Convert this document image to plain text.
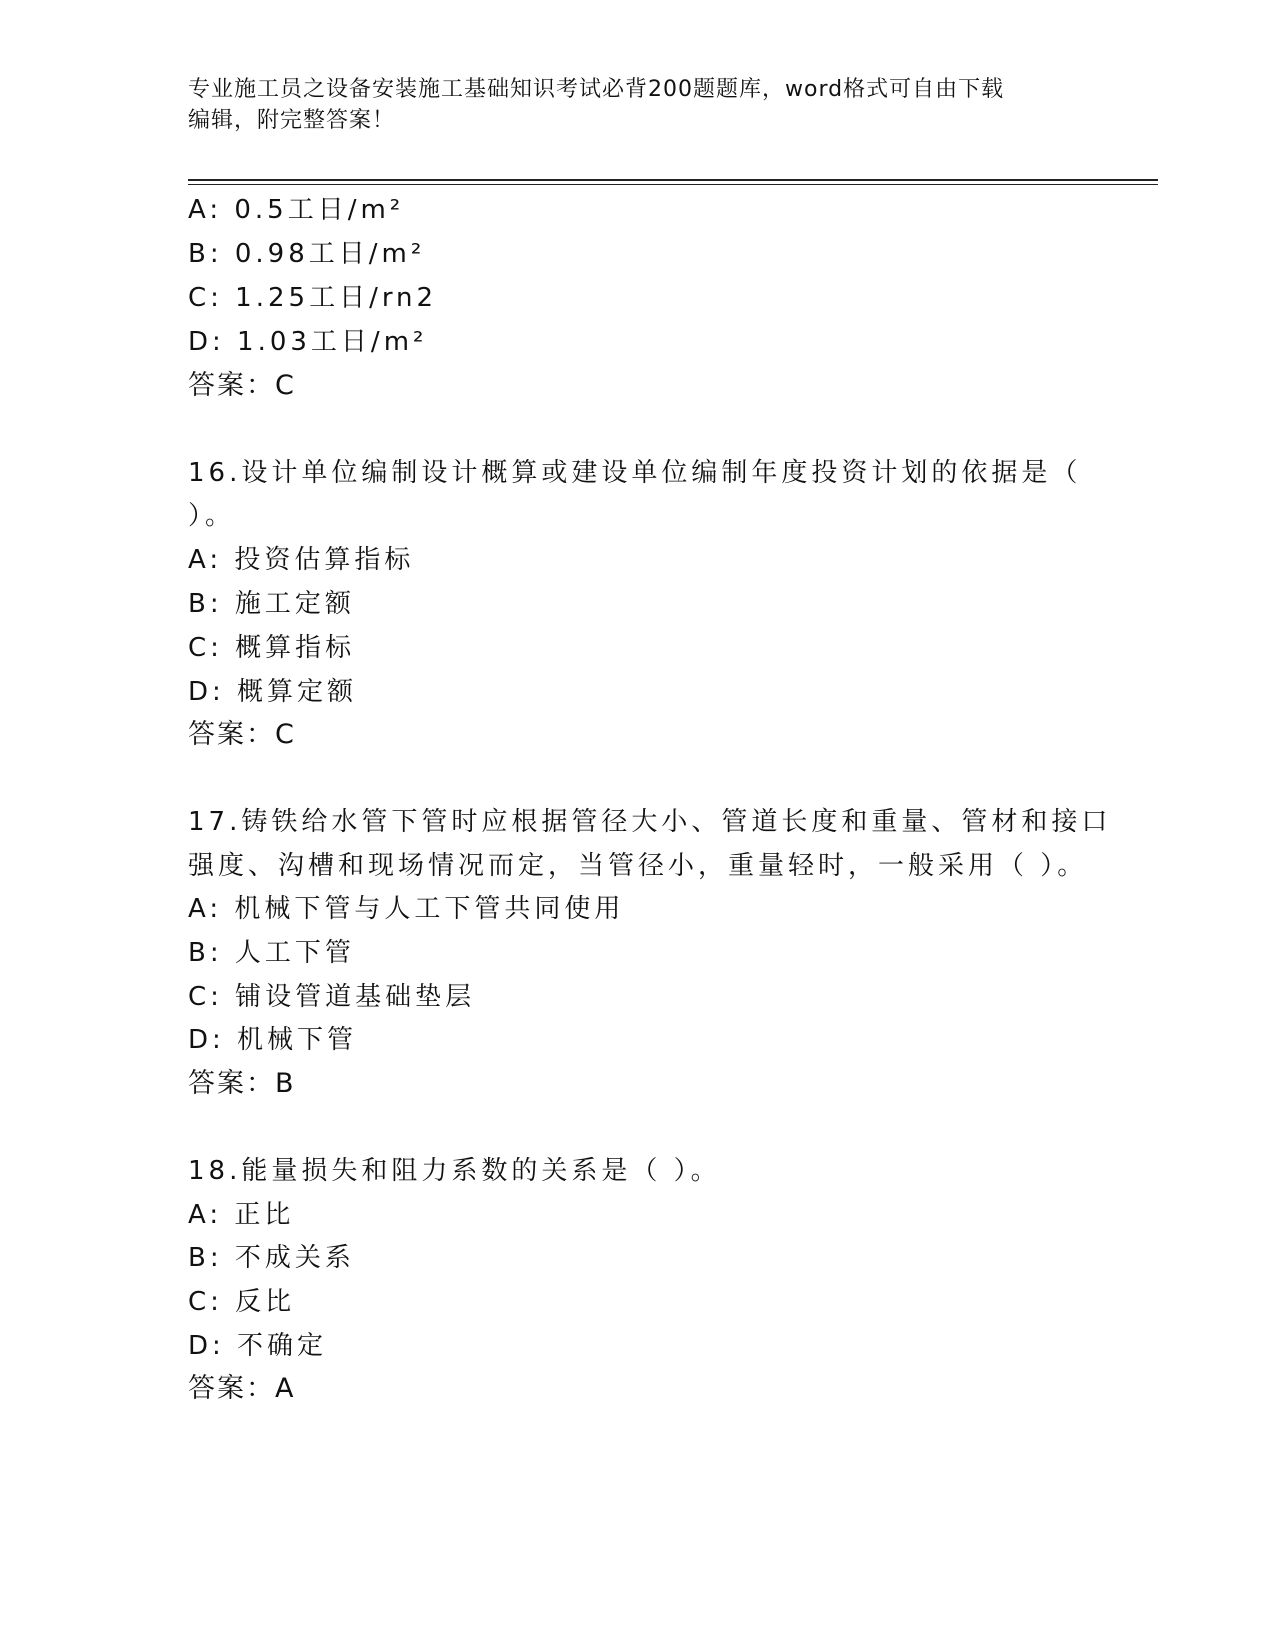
专业施工员之设备安装施工基础知识考试必背200题题库，word格式可自由下载
编辑，附完整答案！
A: 0.5工日/m²
B: 0.98工日/m²
C: 1.25工日/rn2
D: 1.03工日/m²
答案：C
16.设计单位编制设计概算或建设单位编制年度投资计划的依据是（
）。
A: 投资估算指标
B: 施工定额
C: 概算指标
D: 概算定额
答案：C
17.铸铁给水管下管时应根据管径大小、管道长度和重量、管材和接口
强度、沟槽和现场情况而定，当管径小，重量轻时，一般采用（ ）。
A: 机械下管与人工下管共同使用
B: 人工下管
C: 铺设管道基础垫层
D: 机械下管
答案：B
18.能量损失和阻力系数的关系是（ ）。
A: 正比
B: 不成关系
C: 反比
D: 不确定
答案：A
